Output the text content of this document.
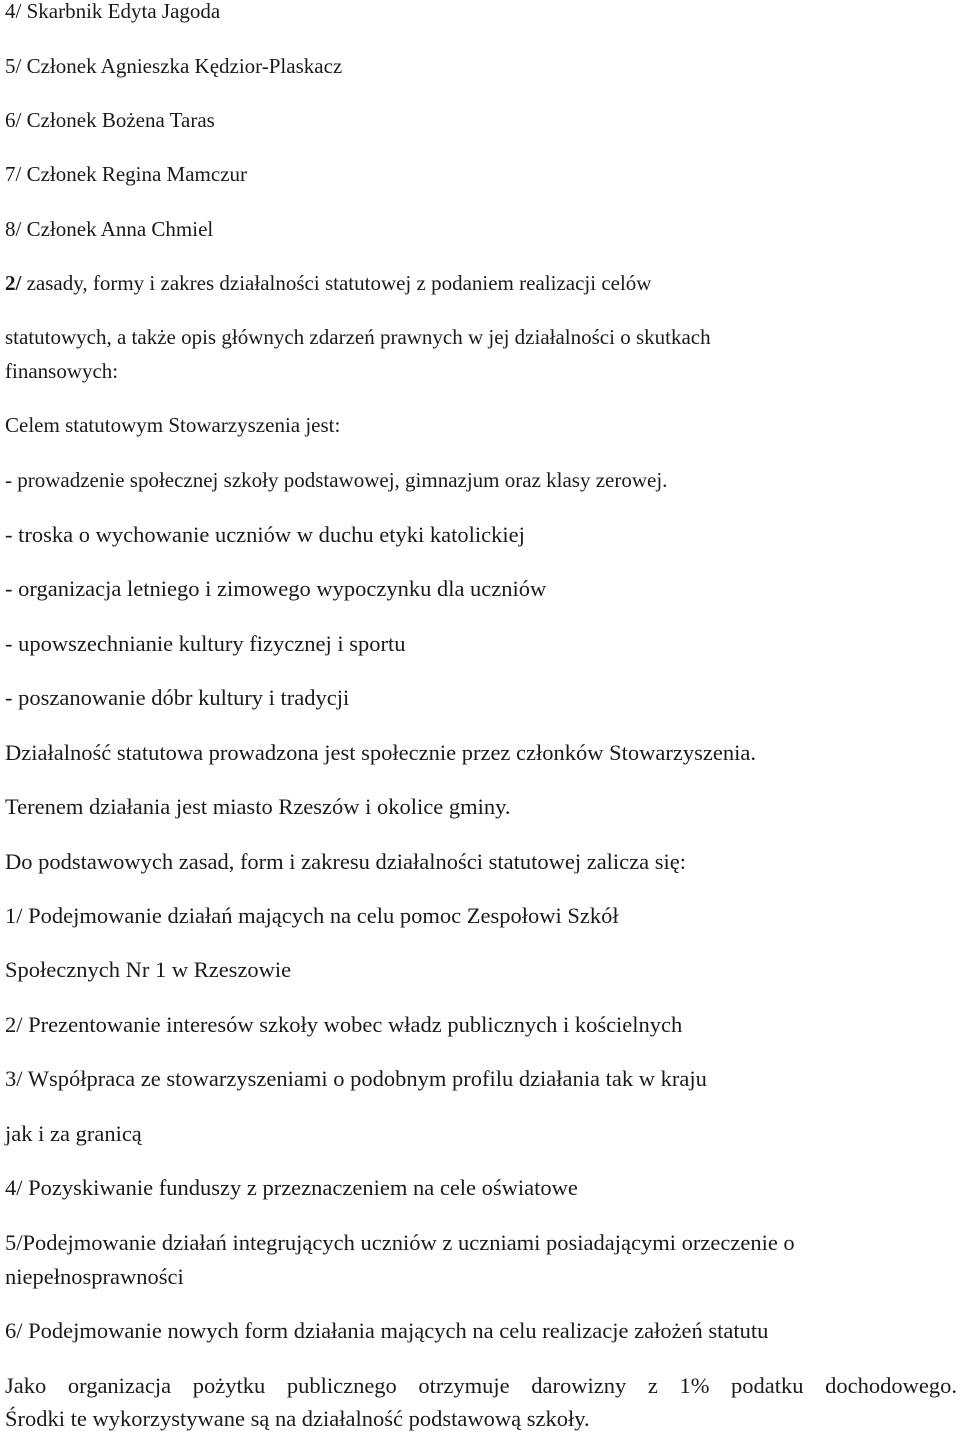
4/ Skarbnik Edyta Jagoda
5/ Członek Agnieszka Kędzior-Plaskacz
6/ Członek Bożena Taras
7/ Członek Regina Mamczur
8/ Członek Anna Chmiel
2/ zasady, formy i zakres działalności statutowej z podaniem realizacji celów
statutowych, a także opis głównych zdarzeń prawnych w jej działalności o skutkach
finansowych:
Celem statutowym Stowarzyszenia jest:
- prowadzenie społecznej szkoły podstawowej, gimnazjum oraz klasy zerowej.
- troska o wychowanie uczniów w duchu etyki katolickiej
- organizacja letniego i zimowego wypoczynku dla uczniów
- upowszechnianie kultury fizycznej i sportu
- poszanowanie dóbr kultury i tradycji
Działalność statutowa prowadzona jest społecznie przez członków Stowarzyszenia.
Terenem działania jest miasto Rzeszów i okolice gminy.
Do podstawowych zasad, form i zakresu działalności statutowej zalicza się:
1/ Podejmowanie działań mających na celu pomoc Zespołowi Szkół
Społecznych Nr 1 w Rzeszowie
2/ Prezentowanie interesów szkoły wobec władz publicznych i kościelnych
3/ Współpraca ze stowarzyszeniami o podobnym profilu działania tak w kraju
jak i za granicą
4/ Pozyskiwanie funduszy z przeznaczeniem na cele oświatowe
5/Podejmowanie działań integrujących uczniów z uczniami posiadającymi orzeczenie o
niepełnosprawności
6/ Podejmowanie nowych form działania mających na celu realizacje założeń statutu
Jako organizacja pożytku publicznego otrzymuje darowizny z 1% podatku dochodowego.
Środki te wykorzystywane są na działalność podstawową szkoły.
